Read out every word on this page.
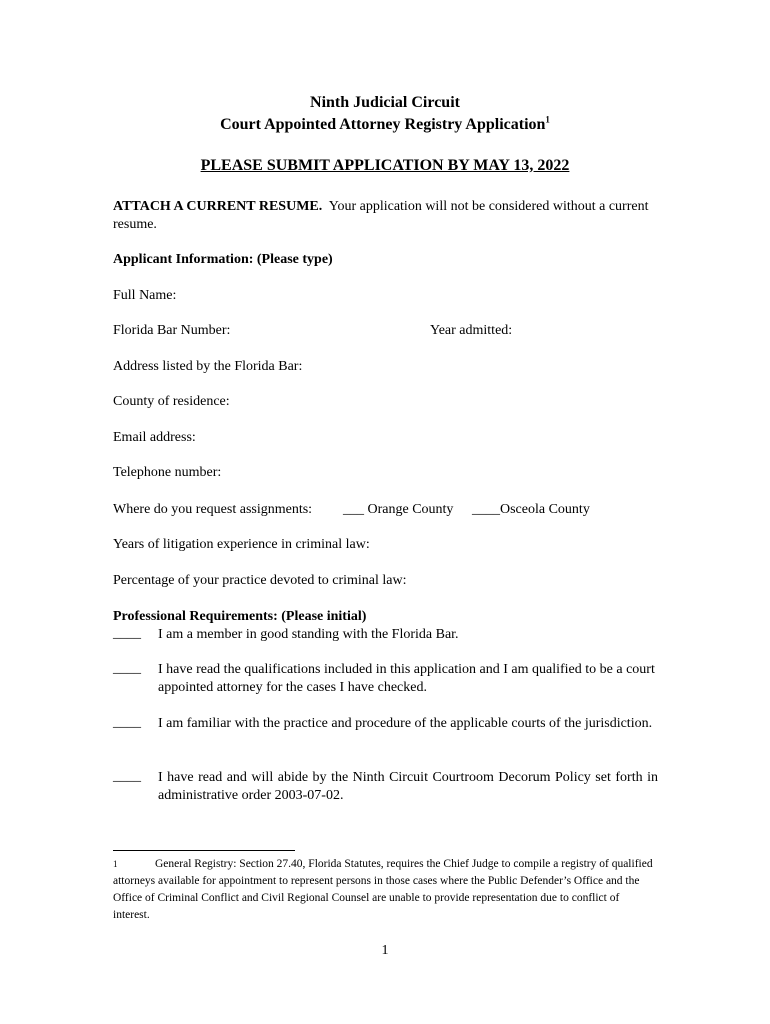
Ninth Judicial Circuit
Court Appointed Attorney Registry Application$^1$
PLEASE SUBMIT APPLICATION BY MAY 13, 2022
ATTACH A CURRENT RESUME.  Your application will not be considered without a current resume.
Applicant Information: (Please type)
Full Name:
Florida Bar Number:	Year admitted:
Address listed by the Florida Bar:
County of residence:
Email address:
Telephone number:
Where do you request assignments: ___ Orange County ____Osceola County
Years of litigation experience in criminal law:
Percentage of your practice devoted to criminal law:
Professional Requirements: (Please initial)
____ I am a member in good standing with the Florida Bar.
____ I have read the qualifications included in this application and I am qualified to be a court appointed attorney for the cases I have checked.
____ I am familiar with the practice and procedure of the applicable courts of the jurisdiction.
____ I have read and will abide by the Ninth Circuit Courtroom Decorum Policy set forth in administrative order 2003-07-02.
1	General Registry: Section 27.40, Florida Statutes, requires the Chief Judge to compile a registry of qualified attorneys available for appointment to represent persons in those cases where the Public Defender’s Office and the Office of Criminal Conflict and Civil Regional Counsel are unable to provide representation due to conflict of interest.
1
